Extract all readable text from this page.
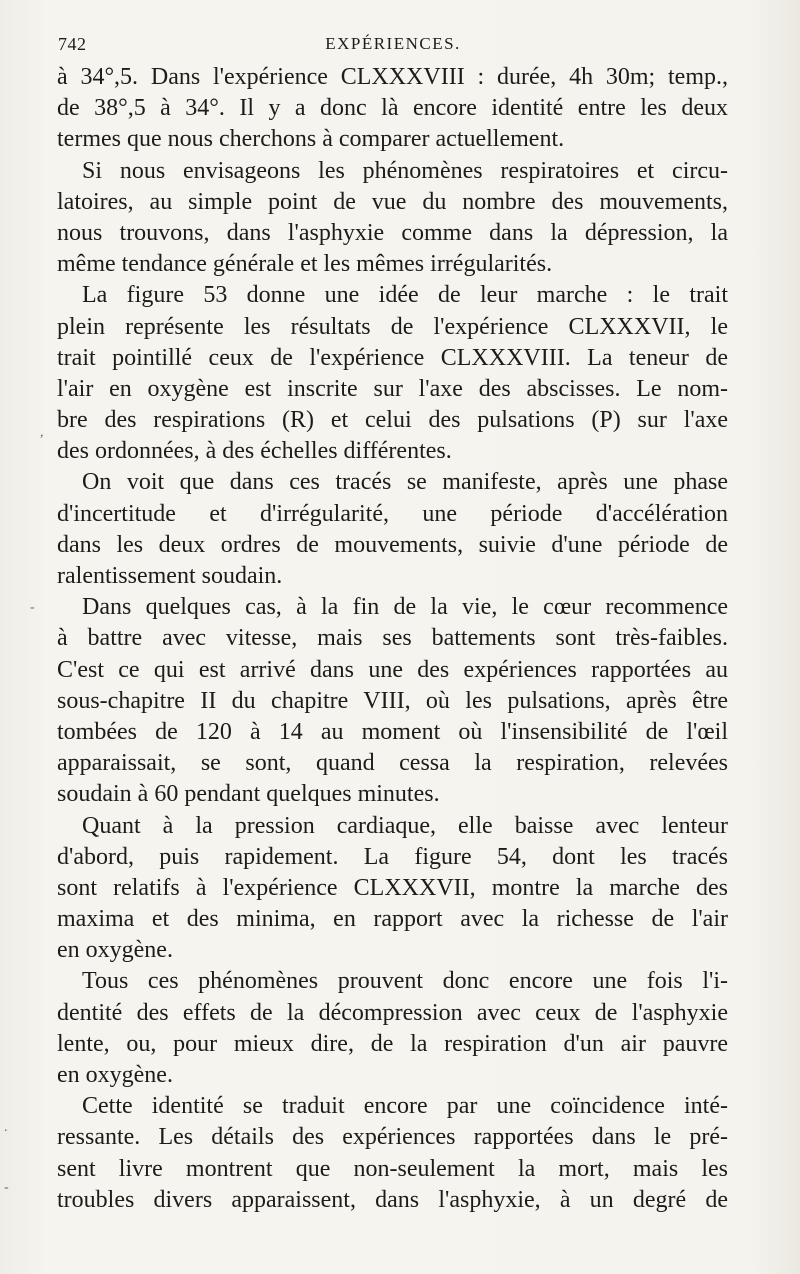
742	EXPÉRIENCES.
à 34°,5. Dans l'expérience CLXXXVIII : durée, 4h 30m; temp.,
de 38°,5 à 34°. Il y a donc là encore identité entre les deux
termes que nous cherchons à comparer actuellement.
Si nous envisageons les phénomènes respiratoires et circu-
latoires, au simple point de vue du nombre des mouvements,
nous trouvons, dans l'asphyxie comme dans la dépression, la
même tendance générale et les mêmes irrégularités.
La figure 53 donne une idée de leur marche : le trait
plein représente les résultats de l'expérience CLXXXVII, le
trait pointillé ceux de l'expérience CLXXXVIII. La teneur de
l'air en oxygène est inscrite sur l'axe des abscisses. Le nom-
bre des respirations (R) et celui des pulsations (P) sur l'axe
des ordonnées, à des échelles différentes.
On voit que dans ces tracés se manifeste, après une phase
d'incertitude et d'irrégularité, une période d'accélération
dans les deux ordres de mouvements, suivie d'une période de
ralentissement soudain.
Dans quelques cas, à la fin de la vie, le cœur recommence
à battre avec vitesse, mais ses battements sont très-faibles.
C'est ce qui est arrivé dans une des expériences rapportées au
sous-chapitre II du chapitre VIII, où les pulsations, après être
tombées de 120 à 14 au moment où l'insensibilité de l'œil
apparaissait, se sont, quand cessa la respiration, relevées
soudain à 60 pendant quelques minutes.
Quant à la pression cardiaque, elle baisse avec lenteur
d'abord, puis rapidement. La figure 54, dont les tracés
sont relatifs à l'expérience CLXXXVII, montre la marche des
maxima et des minima, en rapport avec la richesse de l'air
en oxygène.
Tous ces phénomènes prouvent donc encore une fois l'i-
dentité des effets de la décompression avec ceux de l'asphyxie
lente, ou, pour mieux dire, de la respiration d'un air pauvre
en oxygène.
Cette identité se traduit encore par une coïncidence inté-
ressante. Les détails des expériences rapportées dans le pré-
sent livre montrent que non-seulement la mort, mais les
troubles divers apparaissent, dans l'asphyxie, à un degré de
,
-
.
-
